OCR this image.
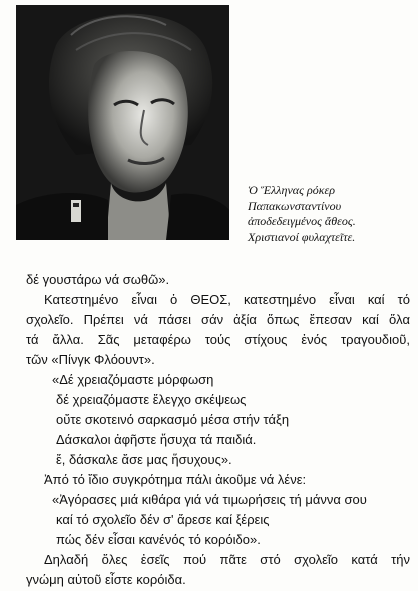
Ὁ Ἕλληνας ρόκερ
Παπακωνσταντίνου
ἀποδεδειγμένος ἄθεος.
Χριστιανοί φυλαχτεῖτε.
δέ γουστάρω νά σωθῶ».
Κατεστημένο εἶναι ὁ ΘΕΟΣ, κατεστημένο εἶναι καί τό
σχολεῖο. Πρέπει νά πάσει σάν ἀξία ὅπως ἔπεσαν καί ὅλα
τά ἄλλα. Σᾶς μεταφέρω τούς στίχους ἑνός τραγουδιοῦ,
τῶν «Πίνγκ Φλόουντ».
«Δέ χρειαζόμαστε μόρφωση
δέ χρειαζόμαστε ἔλεγχο σκέψεως
οὔτε σκοτεινό σαρκασμό μέσα στήν τάξη
Δάσκαλοι ἀφῆστε ἥσυχα τά παιδιά.
ἔ, δάσκαλε ἄσε μας ἥσυχους».
Ἀπό τό ἴδιο συγκρότημα πάλι ἀκοῦμε νά λένε:
«Ἀγόρασες μιά κιθάρα γιά νά τιμωρήσεις τή μάννα σου
καί τό σχολεῖο δέν σ' ἄρεσε καί ξέρεις
πώς δέν εἶσαι κανένός τό κορόιδο».
Δηλαδή ὅλες ἐσεῖς πού πᾶτε στό σχολεῖο κατά τήν
γνώμη αὐτοῦ εἶστε κορόιδα.
